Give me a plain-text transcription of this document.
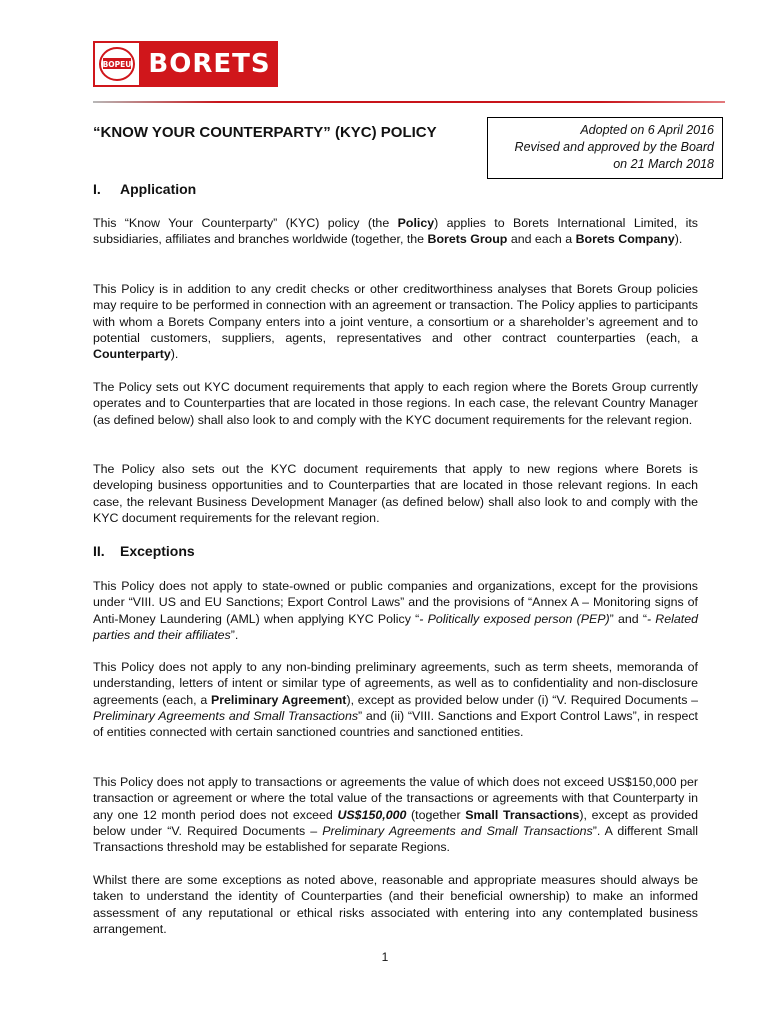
BOPEU BORETS
“KNOW YOUR COUNTERPARTY” (KYC) POLICY	Adopted on 6 April 2016
Revised and approved by the Board
on 21 March 2018
I.	Application

This “Know Your Counterparty” (KYC) policy (the Policy) applies to Borets International Limited, its subsidiaries, affiliates and branches worldwide (together, the Borets Group and each a Borets Company).

This Policy is in addition to any credit checks or other creditworthiness analyses that Borets Group policies may require to be performed in connection with an agreement or transaction. The Policy applies to participants with whom a Borets Company enters into a joint venture, a consortium or a shareholder’s agreement and to potential customers, suppliers, agents, representatives and other contract counterparties (each, a Counterparty).

The Policy sets out KYC document requirements that apply to each region where the Borets Group currently operates and to Counterparties that are located in those regions. In each case, the relevant Country Manager (as defined below) shall also look to and comply with the KYC document requirements for the relevant region.

The Policy also sets out the KYC document requirements that apply to new regions where Borets is developing business opportunities and to Counterparties that are located in those relevant regions. In each case, the relevant Business Development Manager (as defined below) shall also look to and comply with the KYC document requirements for the relevant region.

II.	Exceptions

This Policy does not apply to state-owned or public companies and organizations, except for the provisions under “VIII. US and EU Sanctions; Export Control Laws” and the provisions of “Annex A – Monitoring signs of Anti-Money Laundering (AML) when applying KYC Policy “- Politically exposed person (PEP)” and “- Related parties and their affiliates”.

This Policy does not apply to any non-binding preliminary agreements, such as term sheets, memoranda of understanding, letters of intent or similar type of agreements, as well as to confidentiality and non-disclosure agreements (each, a Preliminary Agreement), except as provided below under (i) “V. Required Documents – Preliminary Agreements and Small Transactions” and (ii) “VIII. Sanctions and Export Control Laws”, in respect of entities connected with certain sanctioned countries and sanctioned entities.

This Policy does not apply to transactions or agreements the value of which does not exceed US$150,000 per transaction or agreement or where the total value of the transactions or agreements with that Counterparty in any one 12 month period does not exceed US$150,000 (together Small Transactions), except as provided below under “V. Required Documents – Preliminary Agreements and Small Transactions”. A different Small Transactions threshold may be established for separate Regions.

Whilst there are some exceptions as noted above, reasonable and appropriate measures should always be taken to understand the identity of Counterparties (and their beneficial ownership) to make an informed assessment of any reputational or ethical risks associated with entering into any contemplated business arrangement.

1
